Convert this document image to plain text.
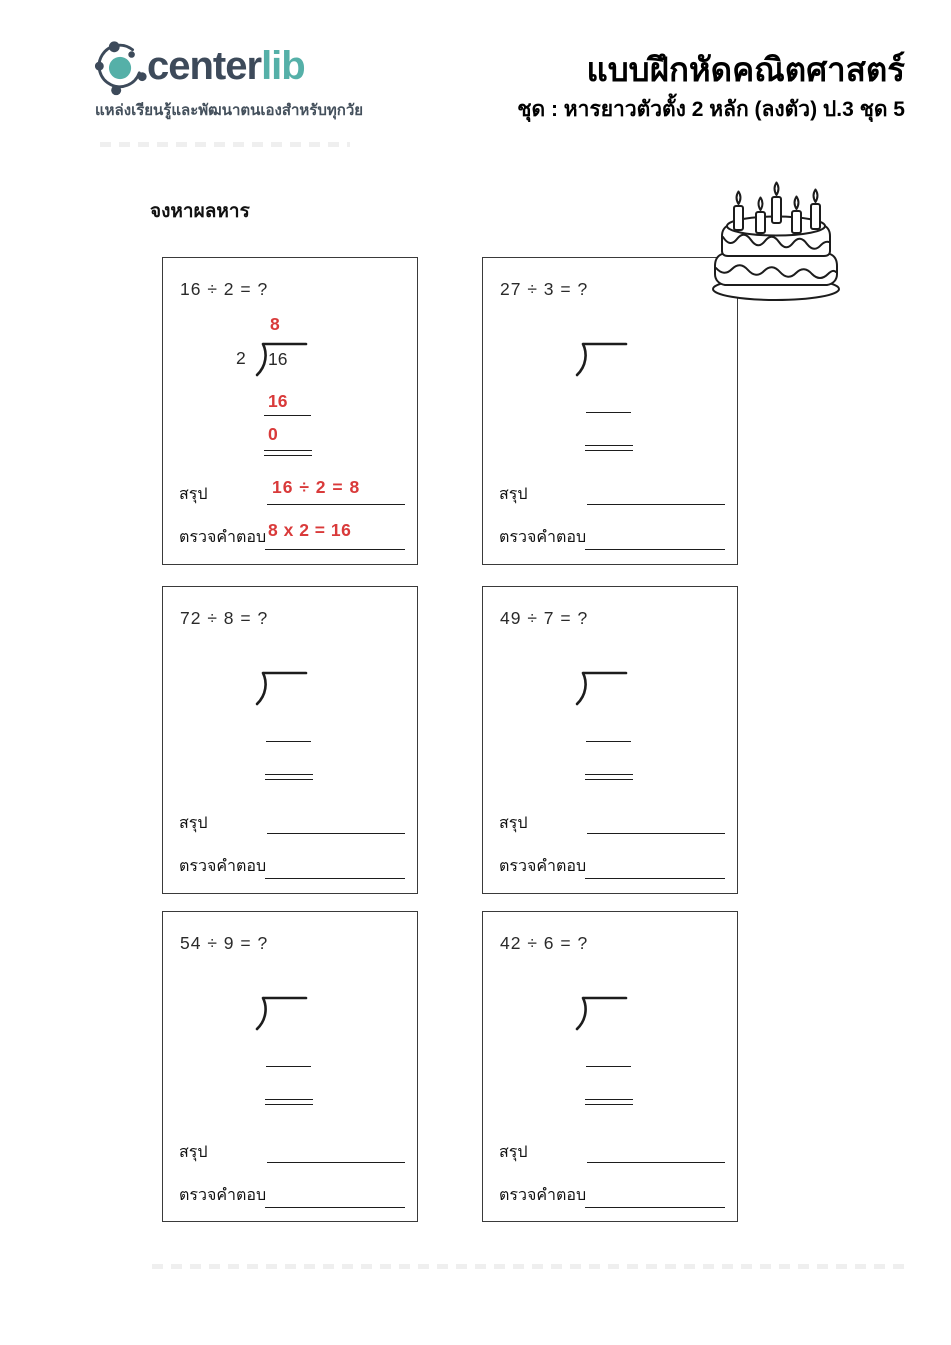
centerlib
แหล่งเรียนรู้และพัฒนาตนเองสำหรับทุกวัย
แบบฝึกหัดคณิตศาสตร์
ชุด : หารยาวตัวตั้ง 2 หลัก (ลงตัว) ป.3 ชุด 5
จงหาผลหาร
16 ÷ 2 = ?
8
2 16
16
0
สรุป	16 ÷ 2 = 8
ตรวจคำตอบ 8 x 2 = 16
27 ÷ 3 = ?
สรุป
ตรวจคำตอบ
72 ÷ 8 = ?
สรุป
ตรวจคำตอบ
49 ÷ 7 = ?
สรุป
ตรวจคำตอบ
54 ÷ 9 = ?
สรุป
ตรวจคำตอบ
42 ÷ 6 = ?
สรุป
ตรวจคำตอบ
